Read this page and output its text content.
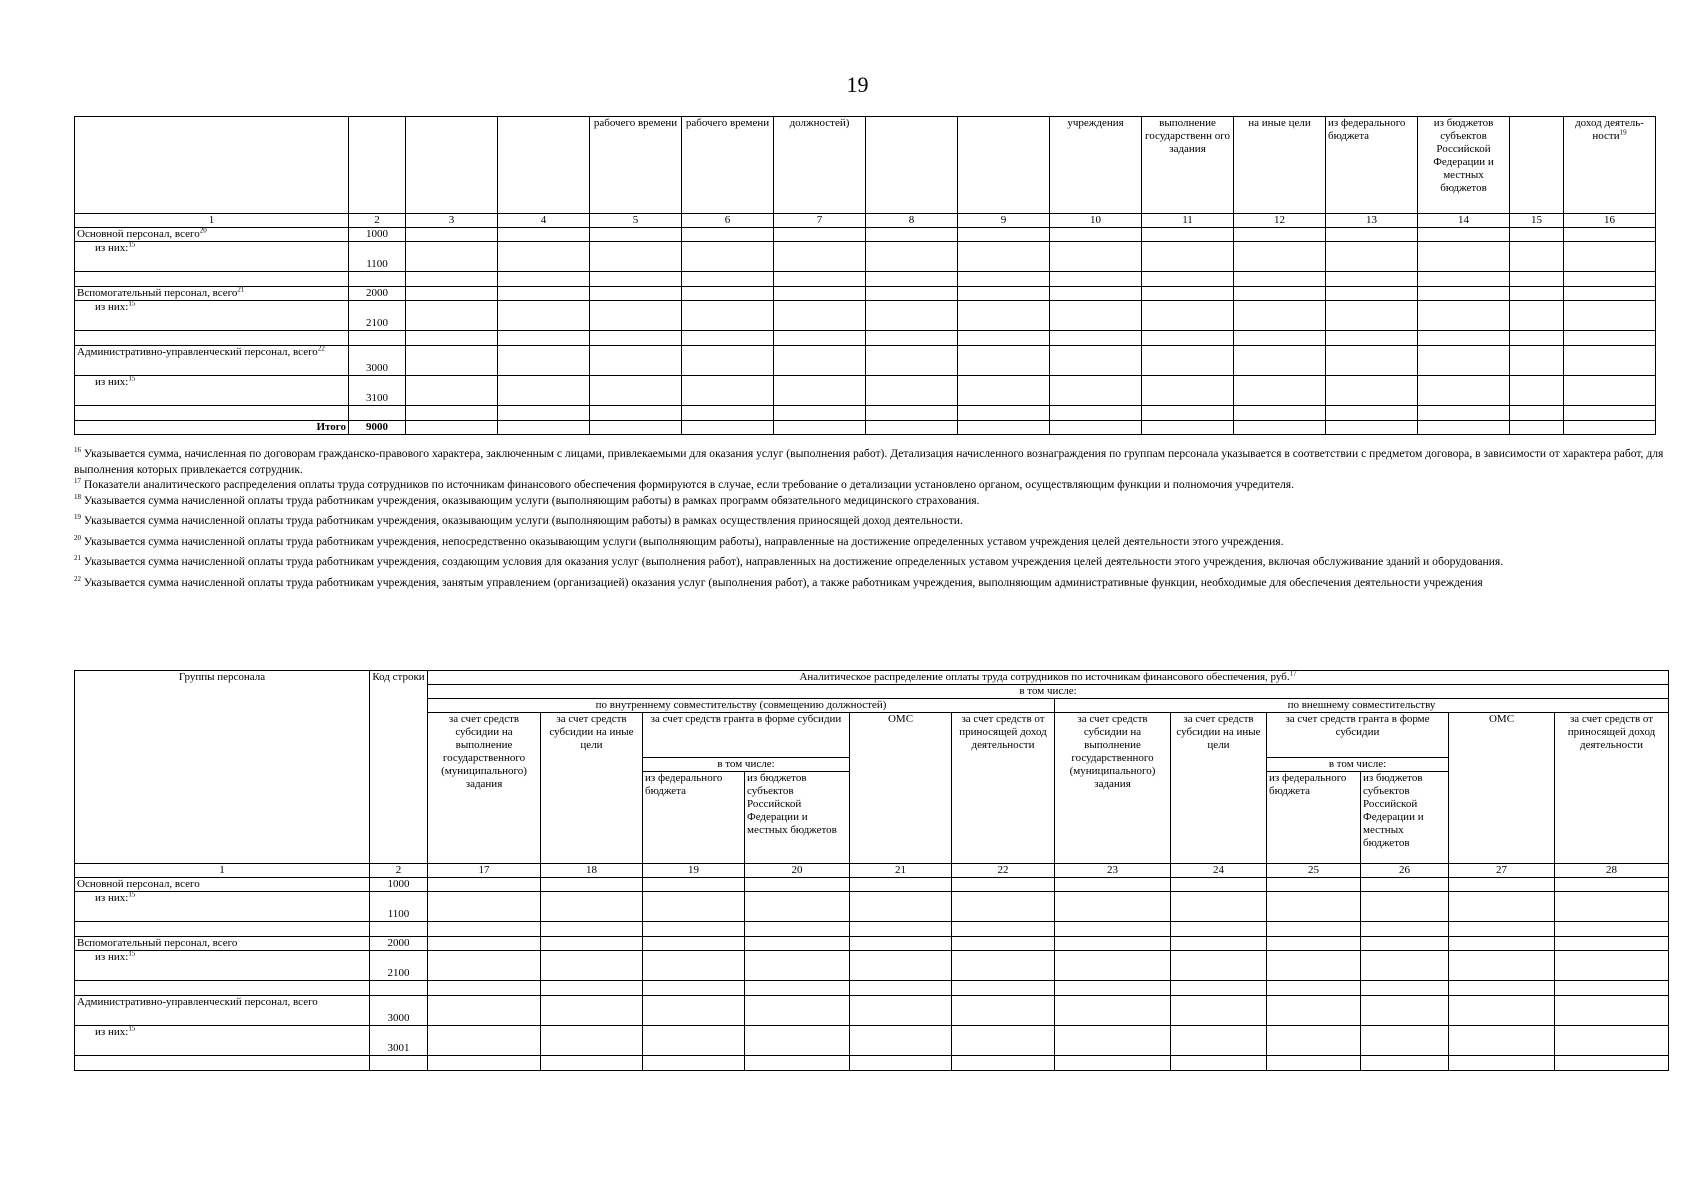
19
				рабочего времени	рабочего времени	должностей)			учреждения	выполнение государственн ого задания	на иные цели	из федерального бюджета	из бюджетов субъектов Российской Федерации и местных бюджетов		доход деятель-ности$^{19}$
1	2	3	4	5	6	7	8	9	10	11	12	13	14	15	16
Основной персонал, всего$^{20}$	1000														
из них:$^{15}$	1100														

Вспомогательный персонал, всего$^{21}$	2000														
из них:$^{15}$	2100														

Административно-управленческий персонал, всего$^{22}$	3000														
из них:$^{15}$	3100														

Итого	9000														

$^{16}$ Указывается сумма, начисленная по договорам гражданско-правового характера, заключенным с лицами, привлекаемыми для оказания услуг (выполнения работ). Детализация начисленного вознаграждения по группам персонала указывается в соответствии с предметом договора, в зависимости от характера работ, для выполнения которых привлекается сотрудник.

$^{17}$ Показатели аналитического распределения оплаты труда сотрудников по источникам финансового обеспечения формируются в случае, если требование о детализации установлено органом, осуществляющим функции и полномочия учредителя.

$^{18}$ Указывается сумма начисленной оплаты труда работникам учреждения, оказывающим услуги (выполняющим работы) в рамках программ обязательного медицинского страхования.

$^{19}$ Указывается сумма начисленной оплаты труда работникам учреждения, оказывающим услуги (выполняющим работы) в рамках осуществления приносящей доход деятельности.

$^{20}$ Указывается сумма начисленной оплаты труда работникам учреждения, непосредственно оказывающим услуги (выполняющим работы), направленные на достижение определенных уставом учреждения целей деятельности этого учреждения.

$^{21}$ Указывается сумма начисленной оплаты труда работникам учреждения, создающим условия для оказания услуг (выполнения работ), направленных на достижение определенных уставом учреждения целей деятельности этого учреждения, включая обслуживание зданий и оборудования.

$^{22}$ Указывается сумма начисленной оплаты труда работникам учреждения, занятым управлением (организацией) оказания услуг (выполнения работ), а также работникам учреждения, выполняющим административные функции, необходимые для обеспечения деятельности учреждения

Группы персонала	Код строки	Аналитическое распределение оплаты труда сотрудников по источникам финансового обеспечения, руб.$^{17}$
		в том числе:											
		по внутреннему совместительству (совмещению должностей)						по внешнему совместительству					
		за счет средств субсидии на выполнение государственного (муниципального) задания	за счет средств субсидии на иные цели	за счет средств гранта в форме субсидии		ОМС	за счет средств от приносящей доход деятельности	за счет средств субсидии на выполнение государственного (муниципального) задания	за счет средств субсидии на иные цели	за счет средств гранта в форме субсидии		ОМС	за счет средств от приносящей доход деятельности
				в том числе:						в том числе:			
				из федерального бюджета	из бюджетов субъектов Российской Федерации и местных бюджетов					из федерального бюджета	из бюджетов субъектов Российской Федерации и местных бюджетов		
1	2	17	18	19	20	21	22	23	24	25	26	27	28
Основной персонал, всего	1000												
из них:$^{15}$	1100												

Вспомогательный персонал, всего	2000												
из них:$^{15}$	2100												

Административно-управленческий персонал, всего	3000												
из них:$^{15}$	3001												
